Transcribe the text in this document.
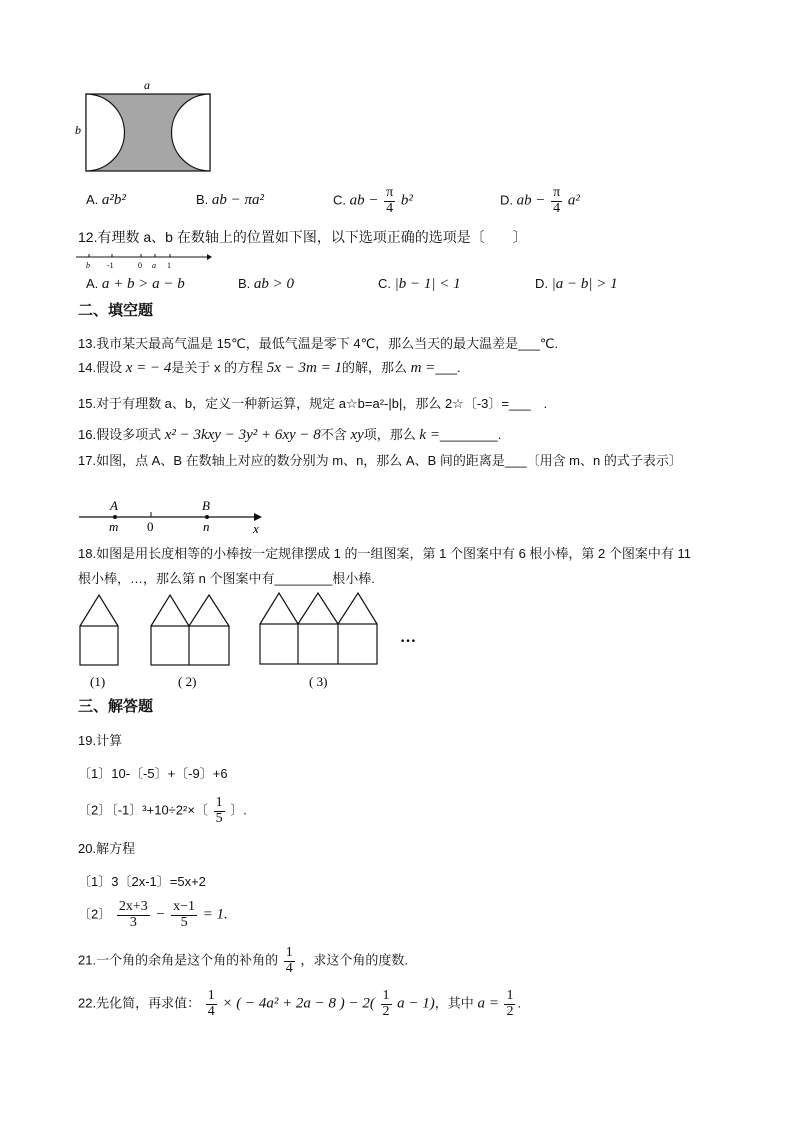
a
b
A. a²b²	B. ab − πa²	C. ab − $\frac{\pi}{4} b^2$	D. ab − $\frac{\pi}{4} a^2$
12.有理数 a、b 在数轴上的位置如下图，以下选项正确的选项是〔　　〕
b -1	0 a 1
A. a + b > a − b	B. ab > 0	C. |b − 1| < 1	D. |a − b| > 1
二、填空题
13.我市某天最高气温是 15℃，最低气温是零下 4℃，那么当天的最大温差是___℃.
14.假设 x = − 4是关于 x 的方程 5x − 3m = 1的解，那么 m =___.
15.对于有理数 a、b，定义一种新运算，规定 a☆b=a²-|b|，那么 2☆〔-3〕=___　.
16.假设多项式 x² − 3kxy − 3y² + 6xy − 8不含 xy项，那么 k =________.
17.如图，点 A、B 在数轴上对应的数分别为 m、n，那么 A、B 间的距离是___〔用含 m、n 的式子表示〕
A	B
m 0	n	x
18.如图是用长度相等的小棒按一定规律摆成 1 的一组图案，第 1 个图案中有 6 根小棒，第 2 个图案中有 11
根小棒，…，那么第 n 个图案中有________根小棒.
…
(1)	( 2)	( 3)
三、解答题
19.计算
〔1〕10-〔-5〕+〔-9〕+6
〔2〕〔-1〕³+10÷2²×〔 $\frac{1}{5}$ 〕.
20.解方程
〔1〕3〔2x-1〕=5x+2
〔2〕 $\frac{2x+3}{3} - \frac{x-1}{5} = 1$.
21.一个角的余角是这个角的补角的 $\frac{1}{4}$ ，求这个角的度数.
22.先化简，再求值： $\frac{1}{4}$ × ( − 4a² + 2a − 8 ) − $2( \frac{1}{2}$ a − 1)，其中 $a = \frac{1}{2}$ .
